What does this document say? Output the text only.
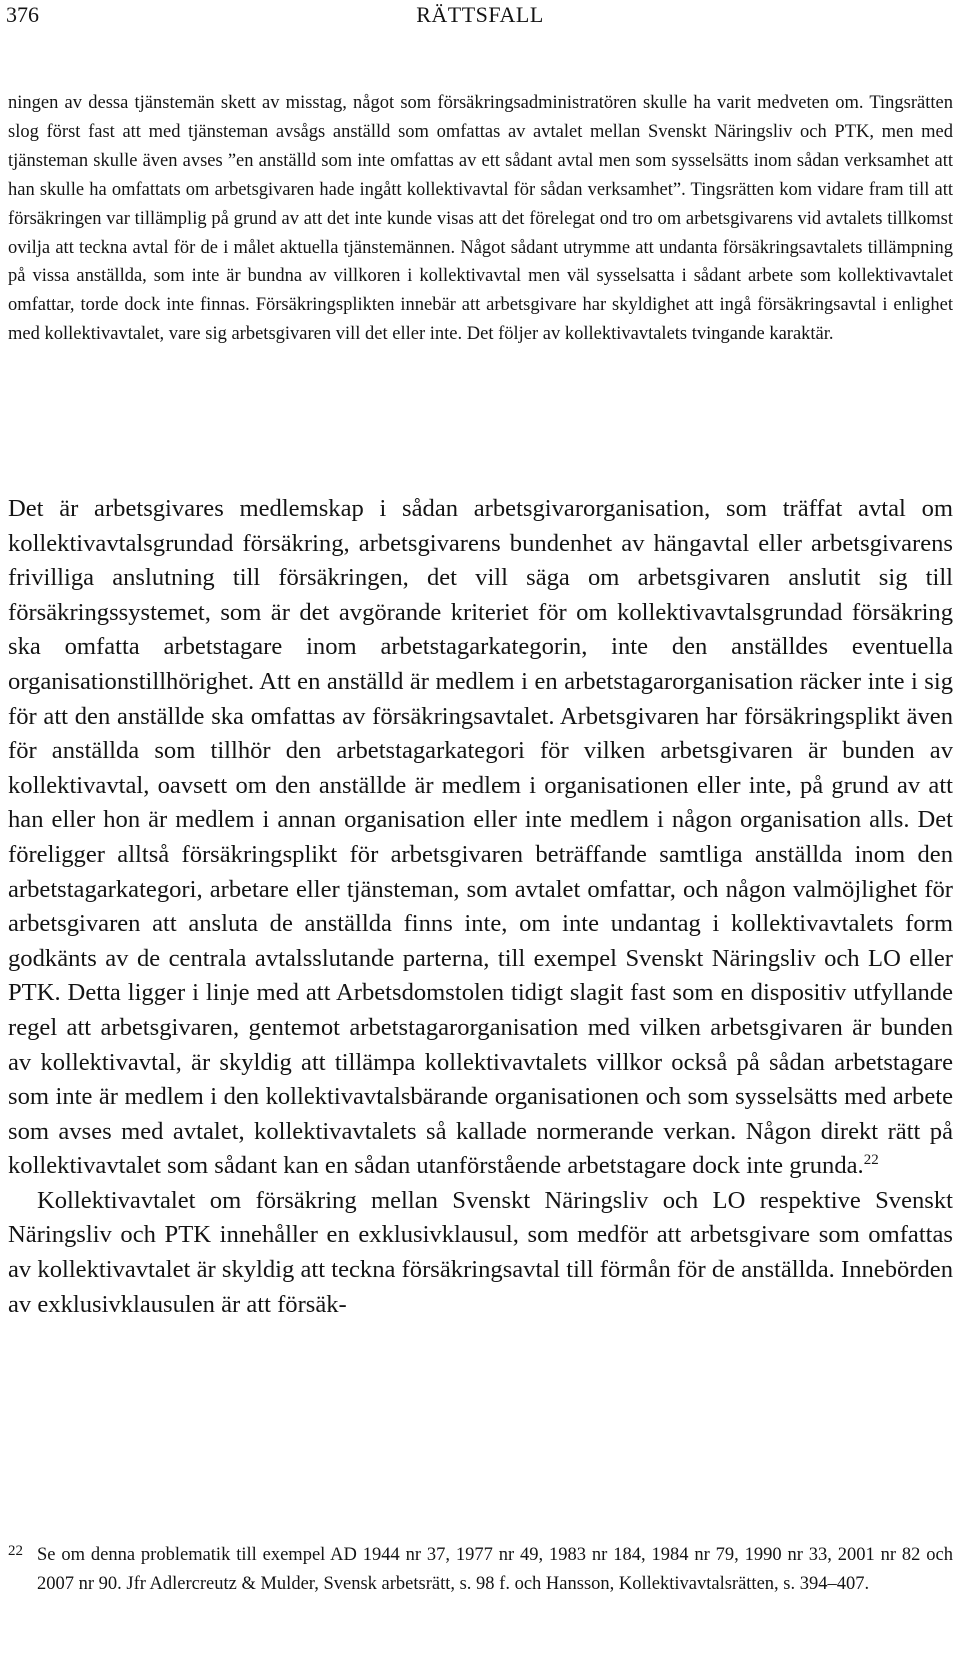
376	RÄTTSFALL
ningen av dessa tjänstemän skett av misstag, något som försäkringsadministratören skulle ha varit medveten om. Tingsrätten slog först fast att med tjänsteman avsågs anställd som omfattas av avtalet mellan Svenskt Näringsliv och PTK, men med tjänsteman skulle även avses ”en anställd som inte omfattas av ett sådant avtal men som sysselsätts inom sådan verksamhet att han skulle ha omfattats om arbetsgivaren hade ingått kollektivavtal för sådan verksamhet”. Tingsrätten kom vidare fram till att försäkringen var tillämplig på grund av att det inte kunde visas att det förelegat ond tro om arbetsgivarens vid avtalets tillkomst ovilja att teckna avtal för de i målet aktuella tjänstemännen. Något sådant utrymme att undanta försäkringsavtalets tillämpning på vissa anställda, som inte är bundna av villkoren i kollektivavtal men väl sysselsatta i sådant arbete som kollektivavtalet omfattar, torde dock inte finnas. Försäkringsplikten innebär att arbetsgivare har skyldighet att ingå försäkringsavtal i enlighet med kollektivavtalet, vare sig arbetsgivaren vill det eller inte. Det följer av kollektivavtalets tvingande karaktär.

Det är arbetsgivares medlemskap i sådan arbetsgivarorganisation, som träffat avtal om kollektivavtalsgrundad försäkring, arbetsgivarens bundenhet av hängavtal eller arbetsgivarens frivilliga anslutning till försäkringen, det vill säga om arbetsgivaren anslutit sig till försäkringssystemet, som är det avgörande kriteriet för om kollektivavtalsgrundad försäkring ska omfatta arbetstagare inom arbetstagarkategorin, inte den anställdes eventuella organisationstillhörighet. Att en anställd är medlem i en arbetstagarorganisation räcker inte i sig för att den anställde ska omfattas av försäkringsavtalet. Arbetsgivaren har försäkringsplikt även för anställda som tillhör den arbetstagarkategori för vilken arbetsgivaren är bunden av kollektivavtal, oavsett om den anställde är medlem i organisationen eller inte, på grund av att han eller hon är medlem i annan organisation eller inte medlem i någon organisation alls. Det föreligger alltså försäkringsplikt för arbetsgivaren beträffande samtliga anställda inom den arbetstagarkategori, arbetare eller tjänsteman, som avtalet omfattar, och någon valmöjlighet för arbetsgivaren att ansluta de anställda finns inte, om inte undantag i kollektivavtalets form godkänts av de centrala avtalsslutande parterna, till exempel Svenskt Näringsliv och LO eller PTK. Detta ligger i linje med att Arbetsdomstolen tidigt slagit fast som en dispositiv utfyllande regel att arbetsgivaren, gentemot arbetstagarorganisation med vilken arbetsgivaren är bunden av kollektivavtal, är skyldig att tillämpa kollektivavtalets villkor också på sådan arbetstagare som inte är medlem i den kollektivavtalsbärande organisationen och som sysselsätts med arbete som avses med avtalet, kollektivavtalets så kallade normerande verkan. Någon direkt rätt på kollektivavtalet som sådant kan en sådan utanförstående arbetstagare dock inte grunda.$^{22}$

Kollektivavtalet om försäkring mellan Svenskt Näringsliv och LO respektive Svenskt Näringsliv och PTK innehåller en exklusivklausul, som medför att arbetsgivare som omfattas av kollektivavtalet är skyldig att teckna försäkringsavtal till förmån för de anställda. Innebörden av exklusivklausulen är att försäk-

22 Se om denna problematik till exempel AD 1944 nr 37, 1977 nr 49, 1983 nr 184, 1984 nr 79, 1990 nr 33, 2001 nr 82 och 2007 nr 90. Jfr Adlercreutz & Mulder, Svensk arbetsrätt, s. 98 f. och Hansson, Kollektivavtalsrätten, s. 394–407.
